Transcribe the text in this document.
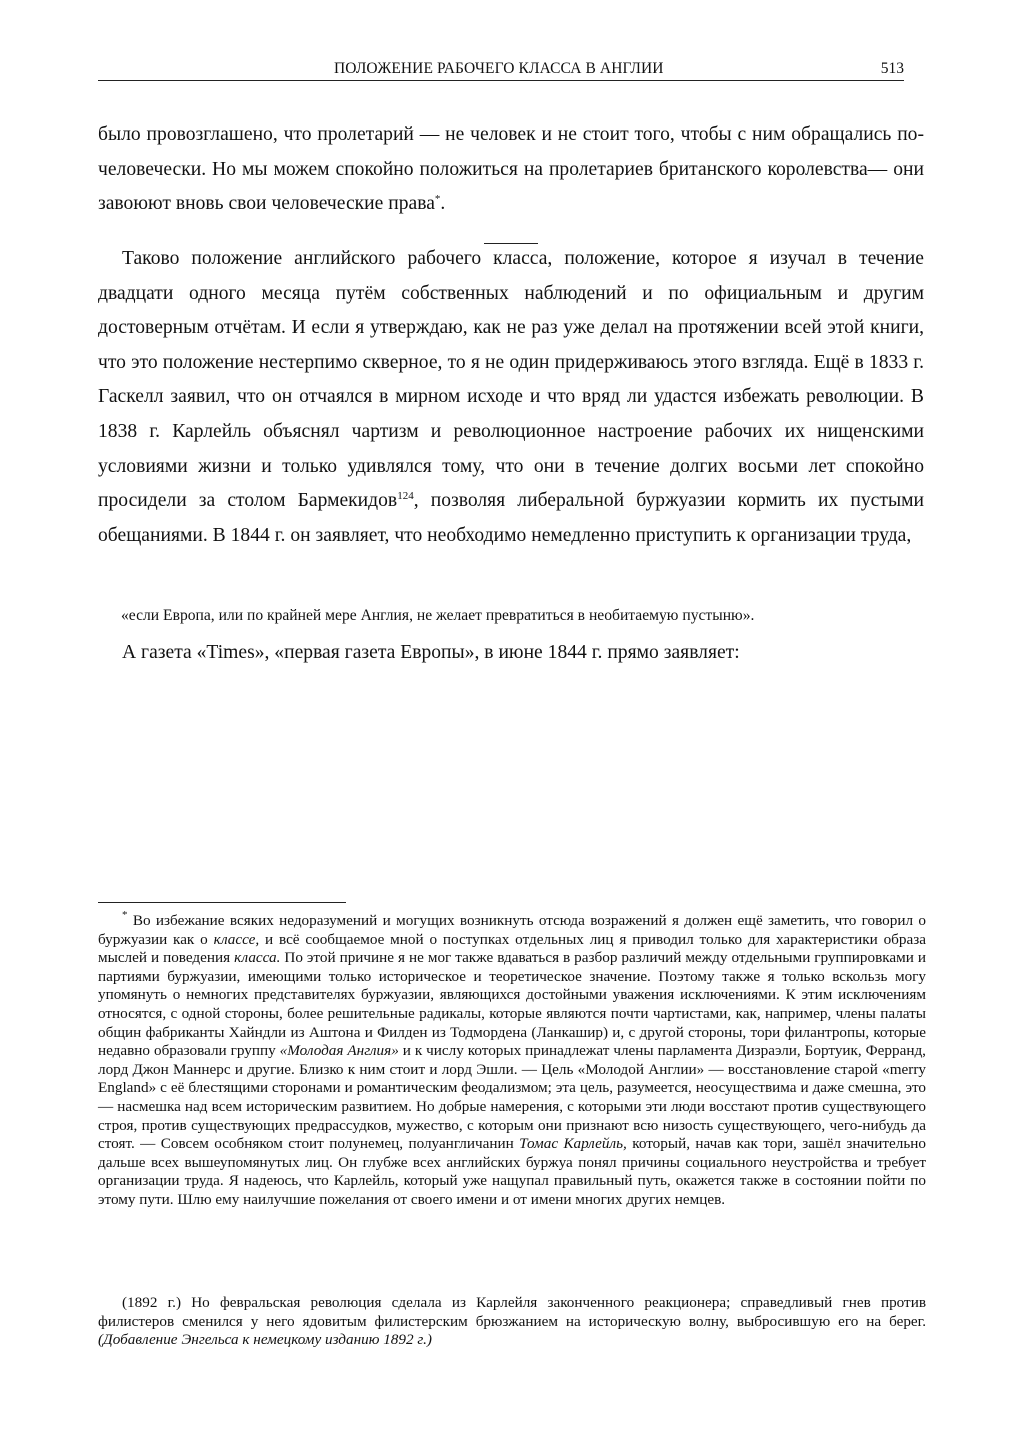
ПОЛОЖЕНИЕ РАБОЧЕГО КЛАССА В АНГЛИИ	513

было провозглашено, что пролетарий — не человек и не стоит того, чтобы с ним обращались по-человечески. Но мы можем спокойно положиться на пролетариев британского королевства— они завоюют вновь свои человеческие права*.

Таково положение английского рабочего класса, положение, которое я изучал в течение двадцати одного месяца путём собственных наблюдений и по официальным и другим достоверным отчётам. И если я утверждаю, как не раз уже делал на протяжении всей этой книги, что это положение нестерпимо скверное, то я не один придерживаюсь этого взгляда. Ещё в 1833 г. Гаскелл заявил, что он отчаялся в мирном исходе и что вряд ли удастся избежать революции. В 1838 г. Карлейль объяснял чартизм и революционное настроение рабочих их нищенскими условиями жизни и только удивлялся тому, что они в течение долгих восьми лет спокойно просидели за столом Бармекидов$^{124}$, позволяя либеральной буржуазии кормить их пустыми обещаниями. В 1844 г. он заявляет, что необходимо немедленно приступить к организации труда,

«если Европа, или по крайней мере Англия, не желает превратиться в необитаемую пустыню».

А газета «Times», «первая газета Европы», в июне 1844 г. прямо заявляет:

* Во избежание всяких недоразумений и могущих возникнуть отсюда возражений я должен ещё заметить, что говорил о буржуазии как о классе, и всё сообщаемое мной о поступках отдельных лиц я приводил только для характеристики образа мыслей и поведения класса. По этой причине я не мог также вдаваться в разбор различий между отдельными группировками и партиями буржуазии, имеющими только историческое и теоретическое значение. Поэтому также я только вскользь могу упомянуть о немногих представителях буржуазии, являющихся достойными уважения исключениями. К этим исключениям относятся, с одной стороны, более решительные радикалы, которые являются почти чартистами, как, например, члены палаты общин фабриканты Хайндли из Аштона и Филден из Тодмордена (Ланкашир) и, с другой стороны, тори филантропы, которые недавно образовали группу «Молодая Англия» и к числу которых принадлежат члены парламента Дизраэли, Бортуик, Ферранд, лорд Джон Маннерс и другие. Близко к ним стоит и лорд Эшли. — Цель «Молодой Англии» — восстановление старой «merry England» с её блестящими сторонами и романтическим феодализмом; эта цель, разумеется, неосуществима и даже смешна, это — насмешка над всем историческим развитием. Но добрые намерения, с которыми эти люди восстают против существующего строя, против существующих предрассудков, мужество, с которым они признают всю низость существующего, чего-нибудь да стоят. — Совсем особняком стоит полунемец, полуангличанин Томас Карлейль, который, начав как тори, зашёл значительно дальше всех вышеупомянутых лиц. Он глубже всех английских буржуа понял причины социального неустройства и требует организации труда. Я надеюсь, что Карлейль, который уже нащупал правильный путь, окажется также в состоянии пойти по этому пути. Шлю ему наилучшие пожелания от своего имени и от имени многих других немцев.

(1892 г.) Но февральская революция сделала из Карлейля законченного реакционера; справедливый гнев против филистеров сменился у него ядовитым филистерским брюзжанием на историческую волну, выбросившую его на берег. (Добавление Энгельса к немецкому изданию 1892 г.)
